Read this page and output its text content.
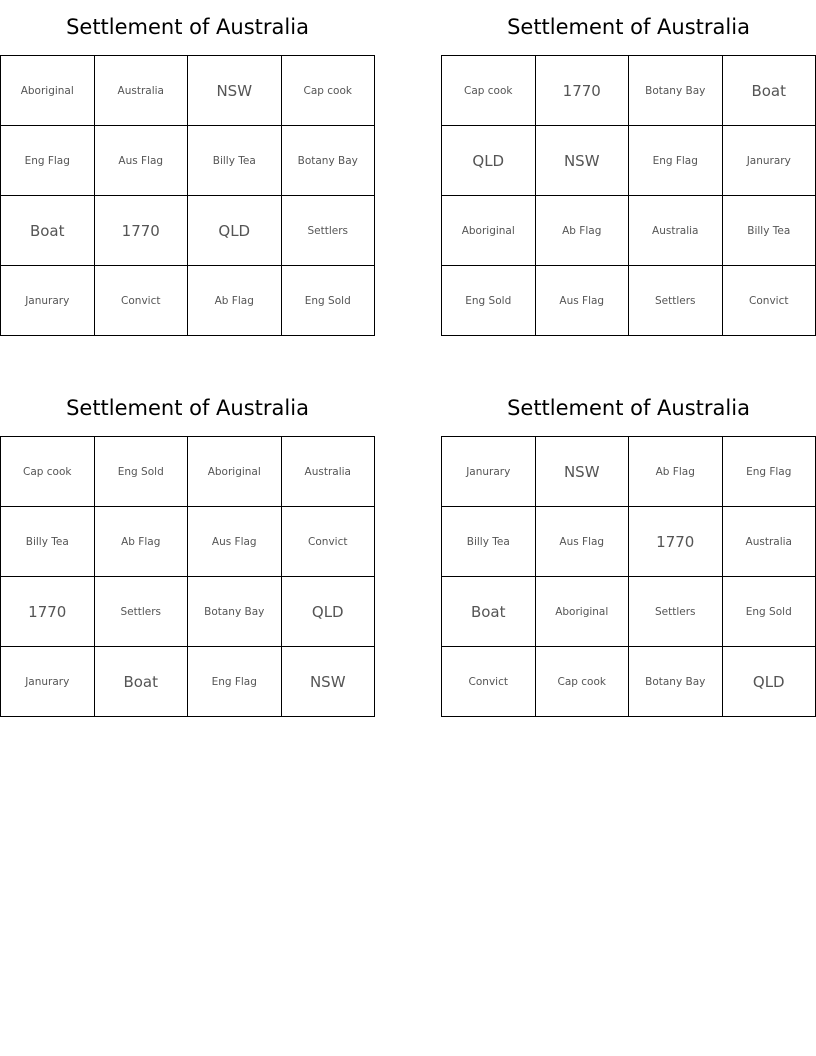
Settlement of Australia
Aboriginal	Australia	NSW	Cap cook
Eng Flag	Aus Flag	Billy Tea	Botany Bay
Boat	1770	QLD	Settlers
Janurary	Convict	Ab Flag	Eng Sold
Settlement of Australia
Cap cook	1770	Botany Bay	Boat
QLD	NSW	Eng Flag	Janurary
Aboriginal	Ab Flag	Australia	Billy Tea
Eng Sold	Aus Flag	Settlers	Convict
Settlement of Australia
Cap cook	Eng Sold	Aboriginal	Australia
Billy Tea	Ab Flag	Aus Flag	Convict
1770	Settlers	Botany Bay	QLD
Janurary	Boat	Eng Flag	NSW
Settlement of Australia
Janurary	NSW	Ab Flag	Eng Flag
Billy Tea	Aus Flag	1770	Australia
Boat	Aboriginal	Settlers	Eng Sold
Convict	Cap cook	Botany Bay	QLD
